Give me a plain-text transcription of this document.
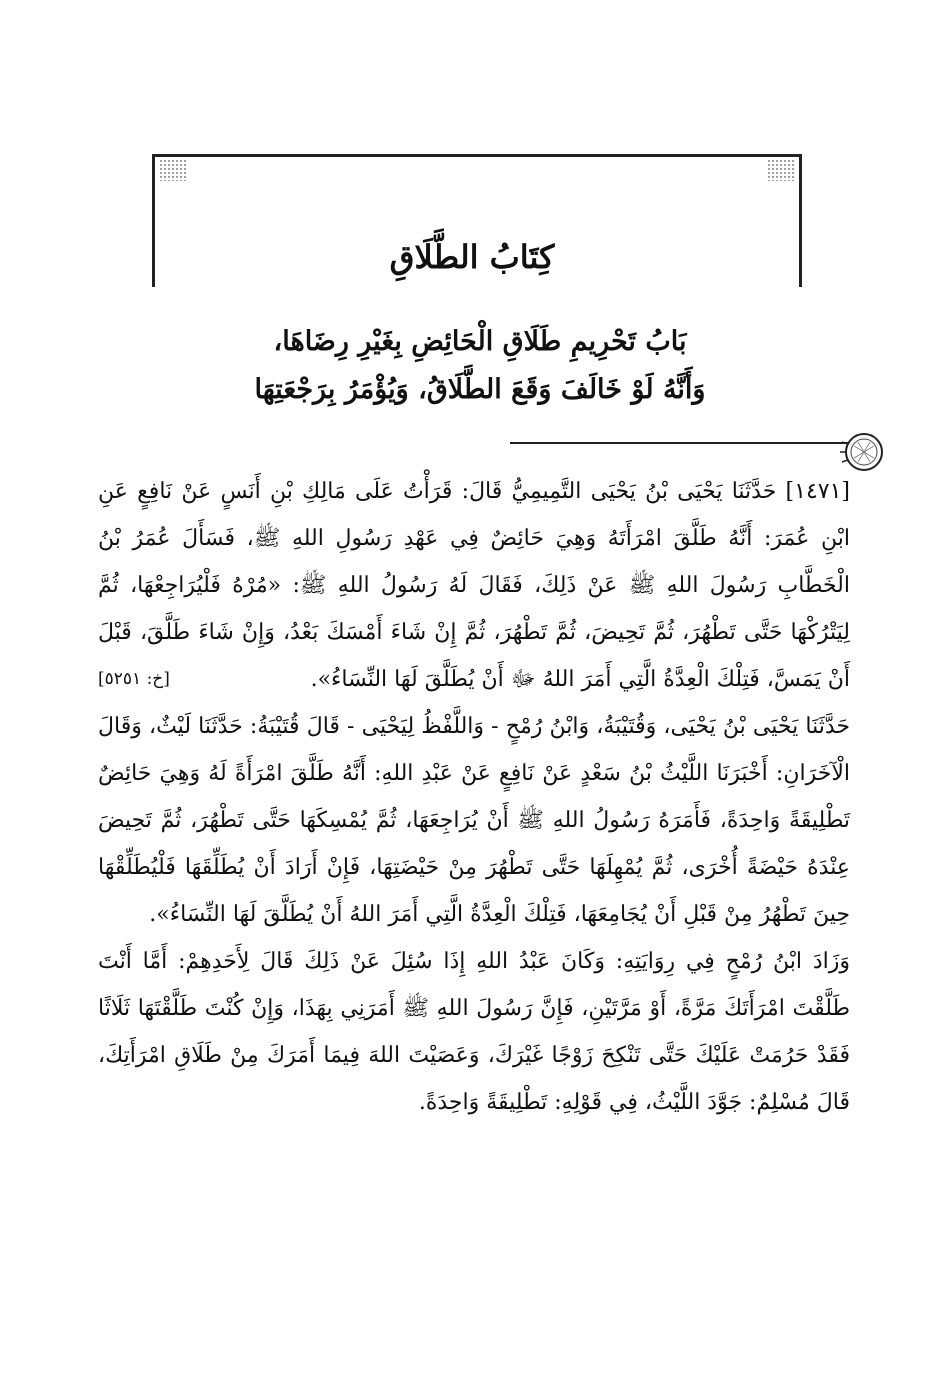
كِتَابُ الطَّلَاقِ
بَابُ تَحْرِيمِ طَلَاقِ الْحَائِضِ بِغَيْرِ رِضَاهَا،
وَأَنَّهُ لَوْ خَالَفَ وَقَعَ الطَّلَاقُ، وَيُؤْمَرُ بِرَجْعَتِهَا

[١٤٧١] حَدَّثَنَا يَحْيَى بْنُ يَحْيَى التَّمِيمِيُّ قَالَ: قَرَأْتُ عَلَى مَالِكِ بْنِ أَنَسٍ عَنْ نَافِعٍ عَنِ ابْنِ عُمَرَ: أَنَّهُ طَلَّقَ امْرَأَتَهُ وَهِيَ حَائِضٌ فِي عَهْدِ رَسُولِ اللهِ ﷺ، فَسَأَلَ عُمَرُ بْنُ الْخَطَّابِ رَسُولَ اللهِ ﷺ عَنْ ذَلِكَ، فَقَالَ لَهُ رَسُولُ اللهِ ﷺ: «مُرْهُ فَلْيُرَاجِعْهَا، ثُمَّ لِيَتْرُكْهَا حَتَّى تَطْهُرَ، ثُمَّ تَحِيضَ، ثُمَّ تَطْهُرَ، ثُمَّ إِنْ شَاءَ أَمْسَكَ بَعْدُ، وَإِنْ شَاءَ طَلَّقَ، قَبْلَ أَنْ يَمَسَّ، فَتِلْكَ الْعِدَّةُ الَّتِي أَمَرَ اللهُ ﷻ أَنْ يُطَلَّقَ لَهَا النِّسَاءُ».
[خ: ٥٢٥١]

حَدَّثَنَا يَحْيَى بْنُ يَحْيَى، وَقُتَيْبَةُ، وَابْنُ رُمْحٍ - وَاللَّفْظُ لِيَحْيَى - قَالَ قُتَيْبَةُ: حَدَّثَنَا لَيْثٌ، وَقَالَ الْآخَرَانِ: أَخْبَرَنَا اللَّيْثُ بْنُ سَعْدٍ عَنْ نَافِعٍ عَنْ عَبْدِ اللهِ: أَنَّهُ طَلَّقَ امْرَأَةً لَهُ وَهِيَ حَائِضٌ تَطْلِيقَةً وَاحِدَةً، فَأَمَرَهُ رَسُولُ اللهِ ﷺ أَنْ يُرَاجِعَهَا، ثُمَّ يُمْسِكَهَا حَتَّى تَطْهُرَ، ثُمَّ تَحِيضَ عِنْدَهُ حَيْضَةً أُخْرَى، ثُمَّ يُمْهِلَهَا حَتَّى تَطْهُرَ مِنْ حَيْضَتِهَا، فَإِنْ أَرَادَ أَنْ يُطَلِّقَهَا فَلْيُطَلِّقْهَا حِينَ تَطْهُرُ مِنْ قَبْلِ أَنْ يُجَامِعَهَا، فَتِلْكَ الْعِدَّةُ الَّتِي أَمَرَ اللهُ أَنْ يُطَلَّقَ لَهَا النِّسَاءُ».

وَزَادَ ابْنُ رُمْحٍ فِي رِوَايَتِهِ: وَكَانَ عَبْدُ اللهِ إِذَا سُئِلَ عَنْ ذَلِكَ قَالَ لِأَحَدِهِمْ: أَمَّا أَنْتَ طَلَّقْتَ امْرَأَتَكَ مَرَّةً، أَوْ مَرَّتَيْنِ، فَإِنَّ رَسُولَ اللهِ ﷺ أَمَرَنِي بِهَذَا، وَإِنْ كُنْتَ طَلَّقْتَهَا ثَلَاثًا فَقَدْ حَرُمَتْ عَلَيْكَ حَتَّى تَنْكِحَ زَوْجًا غَيْرَكَ، وَعَصَيْتَ اللهَ فِيمَا أَمَرَكَ مِنْ طَلَاقِ امْرَأَتِكَ، قَالَ مُسْلِمٌ: جَوَّدَ اللَّيْثُ، فِي قَوْلِهِ: تَطْلِيقَةً وَاحِدَةً.
